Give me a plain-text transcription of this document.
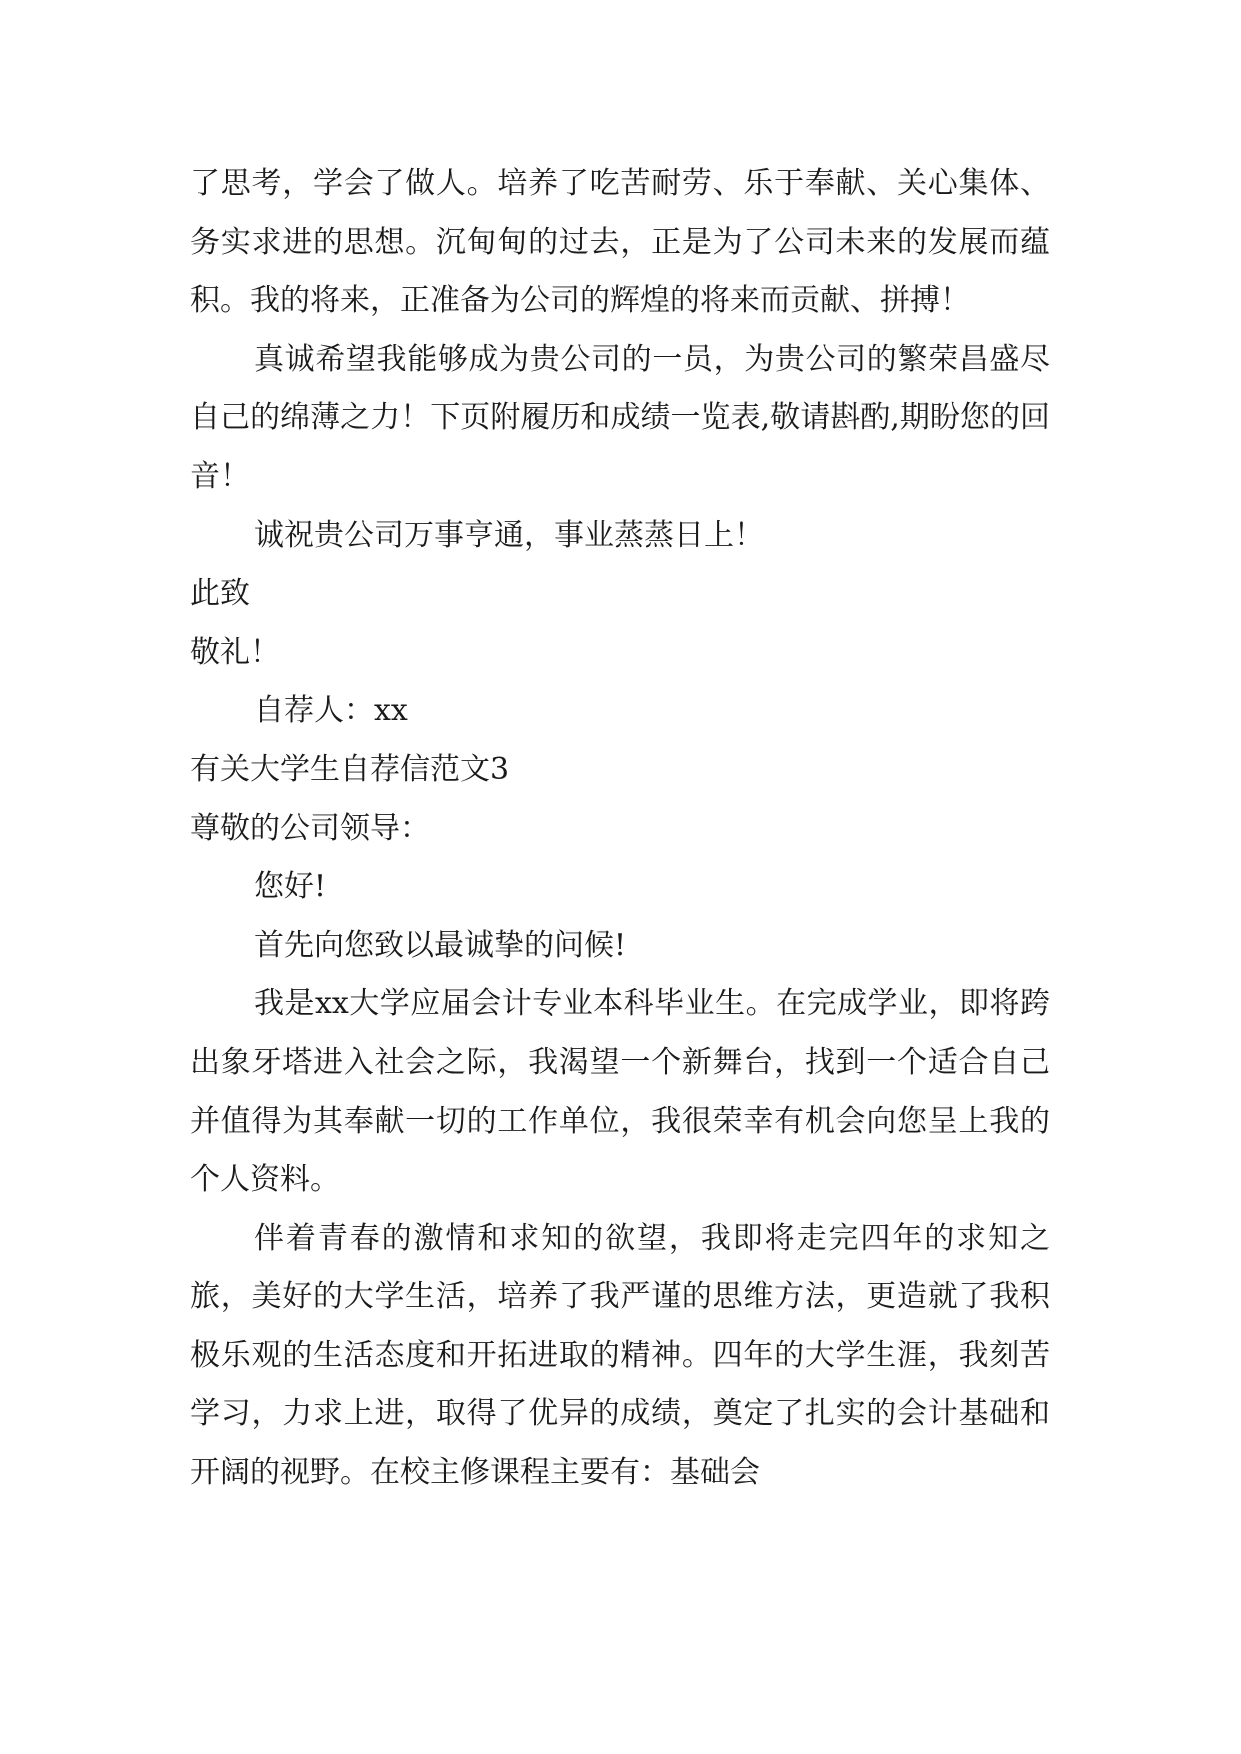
了思考，学会了做人。培养了吃苦耐劳、乐于奉献、关心集体、务实求进的思想。沉甸甸的过去，正是为了公司未来的发展而蕴积。我的将来，正准备为公司的辉煌的将来而贡献、拼搏！

真诚希望我能够成为贵公司的一员，为贵公司的繁荣昌盛尽自己的绵薄之力！下页附履历和成绩一览表,敬请斟酌,期盼您的回音！

诚祝贵公司万事亨通，事业蒸蒸日上！

此致

敬礼！

自荐人：xx

有关大学生自荐信范文3

尊敬的公司领导：

您好!

首先向您致以最诚挚的问候!

我是xx大学应届会计专业本科毕业生。在完成学业，即将跨出象牙塔进入社会之际，我渴望一个新舞台，找到一个适合自己并值得为其奉献一切的工作单位，我很荣幸有机会向您呈上我的个人资料。

伴着青春的激情和求知的欲望，我即将走完四年的求知之旅，美好的大学生活，培养了我严谨的思维方法，更造就了我积极乐观的生活态度和开拓进取的精神。四年的大学生涯，我刻苦学习，力求上进，取得了优异的成绩，奠定了扎实的会计基础和开阔的视野。在校主修课程主要有：基础会
